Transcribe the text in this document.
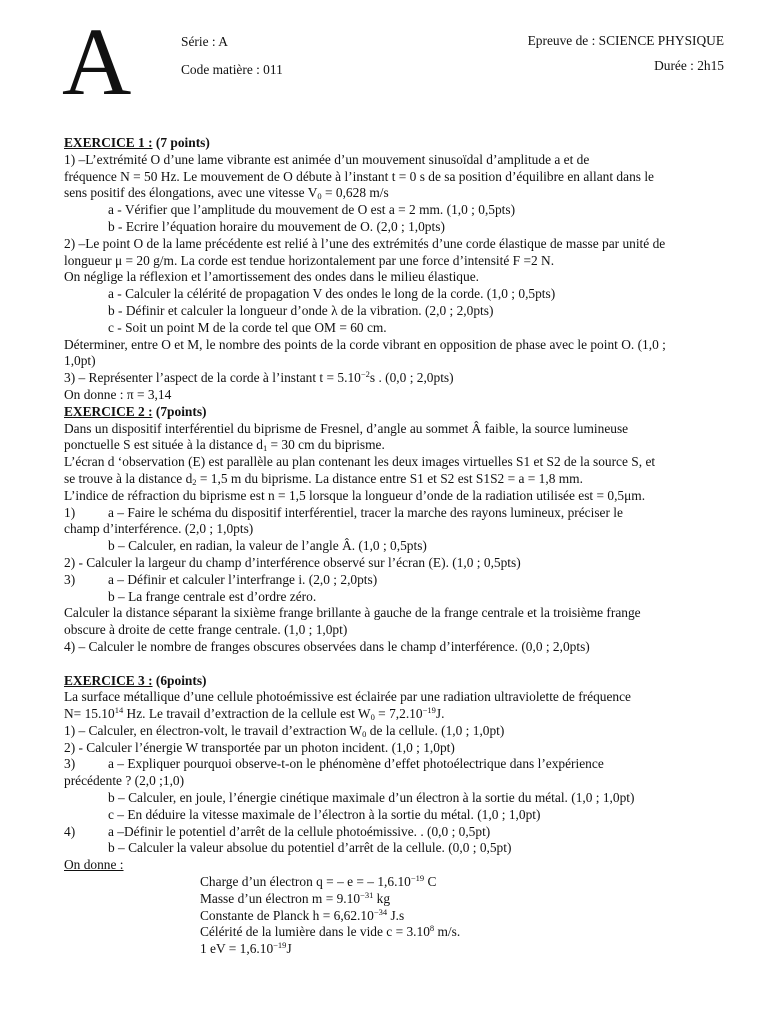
A	Série : A
Code matière : 011
Epreuve de : SCIENCE PHYSIQUE
Durée : 2h15
EXERCICE 1 : (7 points)
1) –L’extrémité O d’une lame vibrante est animée d’un mouvement sinusoïdal d’amplitude a et de
fréquence N = 50 Hz. Le mouvement de O débute à l’instant t = 0 s de sa position d’équilibre en allant dans le
sens positif des élongations, avec une vitesse $V_0 = 0,628$ m/s
a - Vérifier que l’amplitude du mouvement de O est a = 2 mm. (1,0 ; 0,5pts)
b - Ecrire l’équation horaire du mouvement de O. (2,0 ; 1,0pts)
2) –Le point O de la lame précédente est relié à l’une des extrémités d’une corde élastique de masse par unité de
longueur μ = 20 g/m. La corde est tendue horizontalement par une force d’intensité F =2 N.
On néglige la réflexion et l’amortissement des ondes dans le milieu élastique.
a - Calculer la célérité de propagation V des ondes le long de la corde. (1,0 ; 0,5pts)
b - Définir et calculer la longueur d’onde λ de la vibration. (2,0 ; 2,0pts)
c - Soit un point M de la corde tel que OM = 60 cm.
Déterminer, entre O et M, le nombre des points de la corde vibrant en opposition de phase avec le point O. (1,0 ;
1,0pt)
3) – Représenter l’aspect de la corde à l’instant $t = 5.10^{-2}s$ . (0,0 ; 2,0pts)
On donne : π = 3,14
EXERCICE 2 : (7points)
Dans un dispositif interférentiel du biprisme de Fresnel, d’angle au sommet Â faible, la source lumineuse
ponctuelle S est située à la distance $d_1 = 30$ cm du biprisme.
L’écran d ‘observation (E) est parallèle au plan contenant les deux images virtuelles S1 et S2 de la source S, et
se trouve à la distance $d_2 = 1,5$ m du biprisme. La distance entre S1 et S2 est S1S2 = a = 1,8 mm.
L’indice de réfraction du biprisme est n = 1,5 lorsque la longueur d’onde de la radiation utilisée est = 0,5μm.
1) a – Faire le schéma du dispositif interférentiel, tracer la marche des rayons lumineux, préciser le
champ d’interférence. (2,0 ; 1,0pts)
b – Calculer, en radian, la valeur de l’angle Â. (1,0 ; 0,5pts)
2) - Calculer la largeur du champ d’interférence observé sur l’écran (E). (1,0 ; 0,5pts)
3) a – Définir et calculer l’interfrange i. (2,0 ; 2,0pts)
b – La frange centrale est d’ordre zéro.
Calculer la distance séparant la sixième frange brillante à gauche de la frange centrale et la troisième frange
obscure à droite de cette frange centrale. (1,0 ; 1,0pt)
4) – Calculer le nombre de franges obscures observées dans le champ d’interférence. (0,0 ; 2,0pts)
EXERCICE 3 : (6points)
La surface métallique d’une cellule photoémissive est éclairée par une radiation ultraviolette de fréquence
$N= 15.10^{14}$ Hz. Le travail d’extraction de la cellule est $W_0 = 7,2.10^{-19}J$.
1) – Calculer, en électron-volt, le travail d’extraction $W_0$ de la cellule. (1,0 ; 1,0pt)
2) - Calculer l’énergie W transportée par un photon incident. (1,0 ; 1,0pt)
3) a – Expliquer pourquoi observe-t-on le phénomène d’effet photoélectrique dans l’expérience
précédente ? (2,0 ;1,0)
b – Calculer, en joule, l’énergie cinétique maximale d’un électron à la sortie du métal. (1,0 ; 1,0pt)
c – En déduire la vitesse maximale de l’électron à la sortie du métal. (1,0 ; 1,0pt)
4) a –Définir le potentiel d’arrêt de la cellule photoémissive. . (0,0 ; 0,5pt)
b – Calculer la valeur absolue du potentiel d’arrêt de la cellule. (0,0 ; 0,5pt)
On donne :
Charge d’un électron q = – e = – $1,6.10^{-19}$ C
Masse d’un électron $m = 9.10^{-31}$ kg
Constante de Planck $h = 6,62.10^{-34}$ J.s
Célérité de la lumière dans le vide $c = 3.10^8$ m/s.
1 eV = $1,6.10^{-19}J$
